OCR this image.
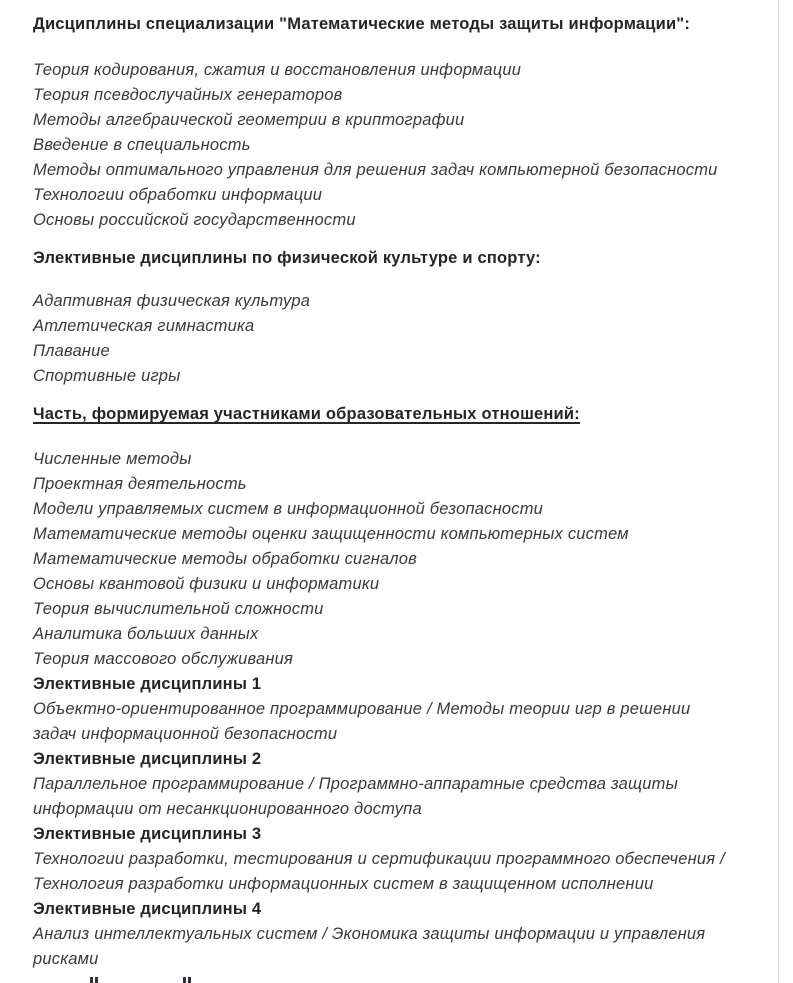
Дисциплины специализации "Математические методы защиты информации":

Теория кодирования, сжатия и восстановления информации

Теория псевдослучайных генераторов

Методы алгебраической геометрии в криптографии

Введение в специальность

Методы оптимального управления для решения задач компьютерной безопасности

Технологии обработки информации

Основы российской государственности

Элективные дисциплины по физической культуре и спорту:

Адаптивная физическая культура

Атлетическая гимнастика

Плавание

Спортивные игры

Часть, формируемая участниками образовательных отношений:

Численные методы

Проектная деятельность

Модели управляемых систем в информационной безопасности

Математические методы оценки защищенности компьютерных систем

Математические методы обработки сигналов

Основы квантовой физики и информатики

Теория вычислительной сложности

Аналитика больших данных

Теория массового обслуживания

Элективные дисциплины 1

Объектно-ориентированное программирование / Методы теории игр в решении задач информационной безопасности

Элективные дисциплины 2

Параллельное программирование / Программно-аппаратные средства защиты информации от несанкционированного доступа

Элективные дисциплины 3

Технологии разработки, тестирования и сертификации программного обеспечения / Технология разработки информационных систем в защищенном исполнении

Элективные дисциплины 4

Анализ интеллектуальных систем / Экономика защиты информации и управления рисками
